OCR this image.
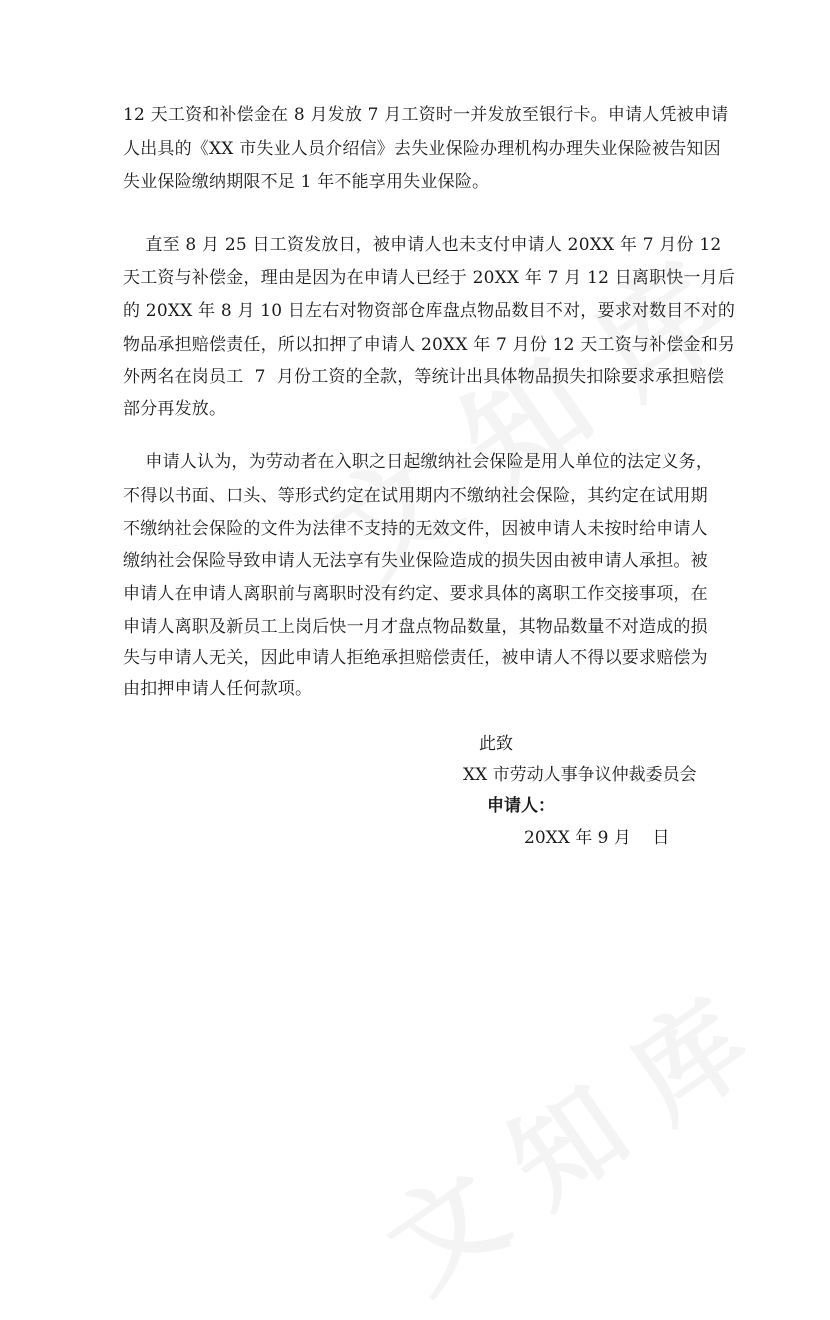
12 天工资和补偿金在 8 月发放 7 月工资时一并发放至银行卡。申请人凭被申请
人出具的《XX 市失业人员介绍信》去失业保险办理机构办理失业保险被告知因
失业保险缴纳期限不足 1 年不能享用失业保险。
直至 8 月 25 日工资发放日，被申请人也未支付申请人 20XX 年 7 月份 12
天工资与补偿金，理由是因为在申请人已经于 20XX 年 7 月 12 日离职快一月后
的 20XX 年 8 月 10 日左右对物资部仓库盘点物品数目不对，要求对数目不对的
物品承担赔偿责任，所以扣押了申请人 20XX 年 7 月份 12 天工资与补偿金和另
外两名在岗员工  7  月份工资的全款，等统计出具体物品损失扣除要求承担赔偿
部分再发放。
申请人认为，为劳动者在入职之日起缴纳社会保险是用人单位的法定义务，
不得以书面、口头、等形式约定在试用期内不缴纳社会保险，其约定在试用期
不缴纳社会保险的文件为法律不支持的无效文件，因被申请人未按时给申请人
缴纳社会保险导致申请人无法享有失业保险造成的损失因由被申请人承担。被
申请人在申请人离职前与离职时没有约定、要求具体的离职工作交接事项，在
申请人离职及新员工上岗后快一月才盘点物品数量，其物品数量不对造成的损
失与申请人无关，因此申请人拒绝承担赔偿责任，被申请人不得以要求赔偿为
由扣押申请人任何款项。
此致
XX 市劳动人事争议仲裁委员会
申请人：
20XX 年 9 月    日
